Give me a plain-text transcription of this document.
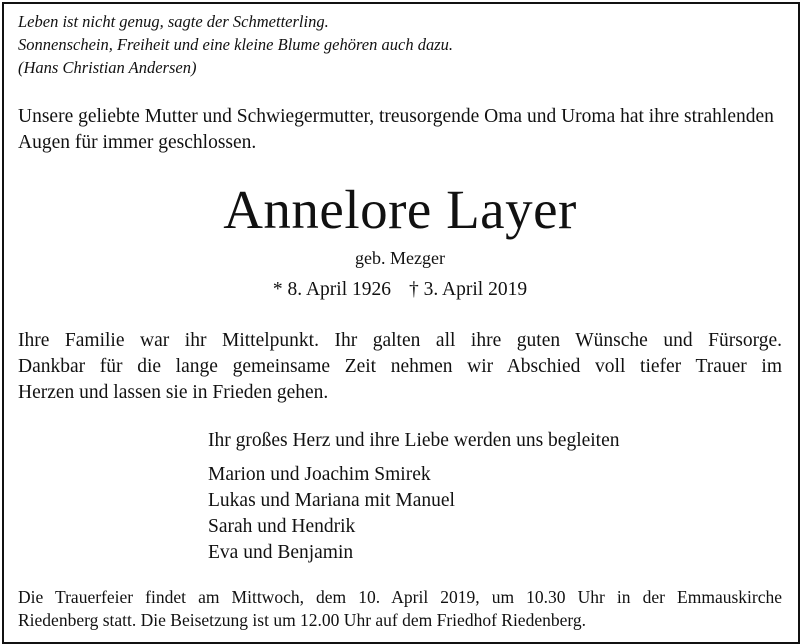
Leben ist nicht genug, sagte der Schmetterling.
Sonnenschein, Freiheit und eine kleine Blume gehören auch dazu.
(Hans Christian Andersen)
Unsere geliebte Mutter und Schwiegermutter, treusorgende Oma und Uroma hat ihre strahlenden Augen für immer geschlossen.
Annelore Layer
geb. Mezger
* 8. April 1926 † 3. April 2019
Ihre Familie war ihr Mittelpunkt. Ihr galten all ihre guten Wünsche und Fürsorge.
Dankbar für die lange gemeinsame Zeit nehmen wir Abschied voll tiefer Trauer im
Herzen und lassen sie in Frieden gehen.
Ihr großes Herz und ihre Liebe werden uns begleiten
Marion und Joachim Smirek
Lukas und Mariana mit Manuel
Sarah und Hendrik
Eva und Benjamin
Die Trauerfeier findet am Mittwoch, dem 10. April 2019, um 10.30 Uhr in der Emmauskirche
Riedenberg statt. Die Beisetzung ist um 12.00 Uhr auf dem Friedhof Riedenberg.
